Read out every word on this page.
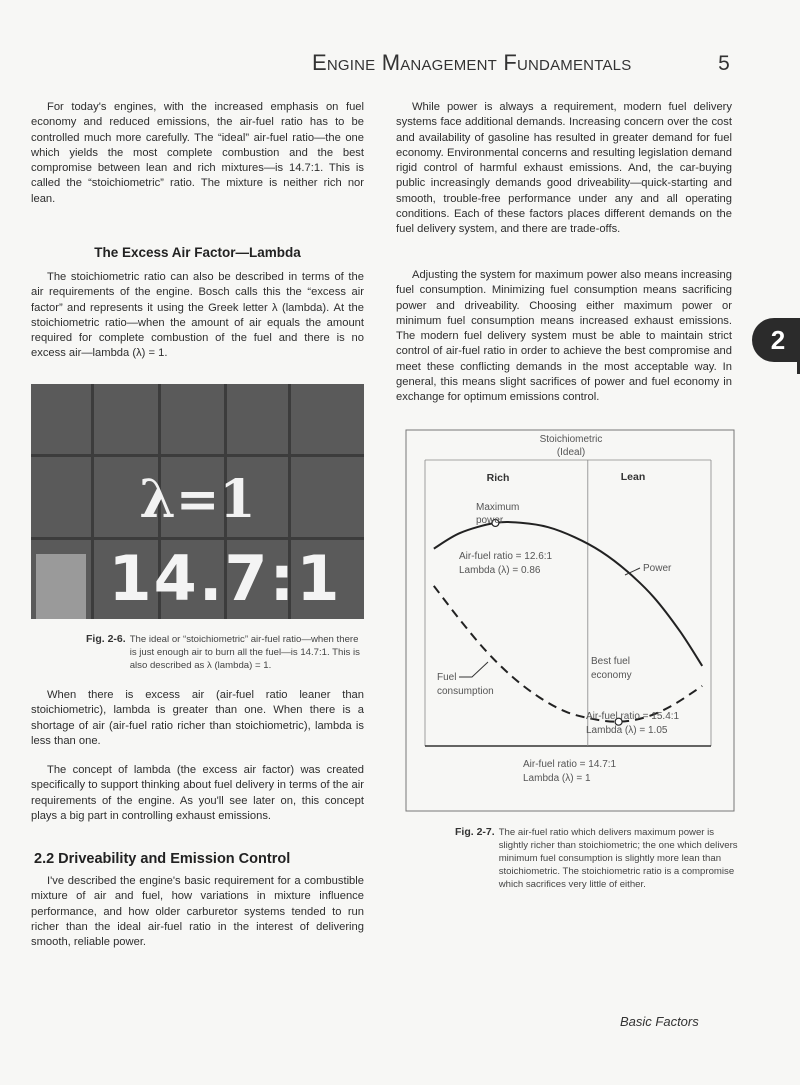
Engine Management Fundamentals	5

For today's engines, with the increased emphasis on fuel economy and reduced emissions, the air-fuel ratio has to be controlled much more carefully. The “ideal” air-fuel ratio—the one which yields the most complete combustion and the best compromise between lean and rich mixtures—is 14.7:1. This is called the “stoichiometric” ratio. The mixture is neither rich nor lean.

The Excess Air Factor—Lambda

The stoichiometric ratio can also be described in terms of the air requirements of the engine. Bosch calls this the “excess air factor” and represents it using the Greek letter λ (lambda). At the stoichiometric ratio—when the amount of air equals the amount required for complete combustion of the fuel and there is no excess air—lambda (λ) = 1.

λ=1
14.7:1
Fig. 2-6. The ideal or “stoichiometric” air-fuel ratio—when there is just enough air to burn all the fuel—is 14.7:1. This is also described as λ (lambda) = 1.

When there is excess air (air-fuel ratio leaner than stoichiometric), lambda is greater than one. When there is a shortage of air (air-fuel ratio richer than stoichiometric), lambda is less than one.

The concept of lambda (the excess air factor) was created specifically to support thinking about fuel delivery in terms of the air requirements of the engine. As you'll see later on, this concept plays a big part in controlling exhaust emissions.

2.2 Driveability and Emission Control

I've described the engine's basic requirement for a combustible mixture of air and fuel, how variations in mixture influence performance, and how older carburetor systems tended to run richer than the ideal air-fuel ratio in the interest of delivering smooth, reliable power.

While power is always a requirement, modern fuel delivery systems face additional demands. Increasing concern over the cost and availability of gasoline has resulted in greater demand for fuel economy. Environmental concerns and resulting legislation demand rigid control of harmful exhaust emissions. And, the car-buying public increasingly demands good driveability—quick-starting and smooth, trouble-free performance under any and all operating conditions. Each of these factors places different demands on the fuel delivery system, and there are trade-offs.

Adjusting the system for maximum power also means increasing fuel consumption. Minimizing fuel consumption means sacrificing power and driveability. Choosing either maximum power or minimum fuel consumption means increased exhaust emissions. The modern fuel delivery system must be able to maintain strict control of air-fuel ratio in order to achieve the best compromise and meet these conflicting demands in the most acceptable way. In general, this means slight sacrifices of power and fuel economy in exchange for optimum emissions control.

2
Stoichiometric
(Ideal)
Rich	Lean
Maximum
power
Air-fuel ratio = 12.6:1
Lambda (λ) = 0.86	Power
Fuel
consumption
Best fuel
economy
Air-fuel ratio = 15.4:1
Lambda (λ) = 1.05
Air-fuel ratio = 14.7:1
Lambda (λ) = 1
Fig. 2-7. The air-fuel ratio which delivers maximum power is slightly richer than stoichiometric; the one which delivers minimum fuel consumption is slightly more lean than stoichiometric. The stoichiometric ratio is a compromise which sacrifices very little of either.
Basic Factors
